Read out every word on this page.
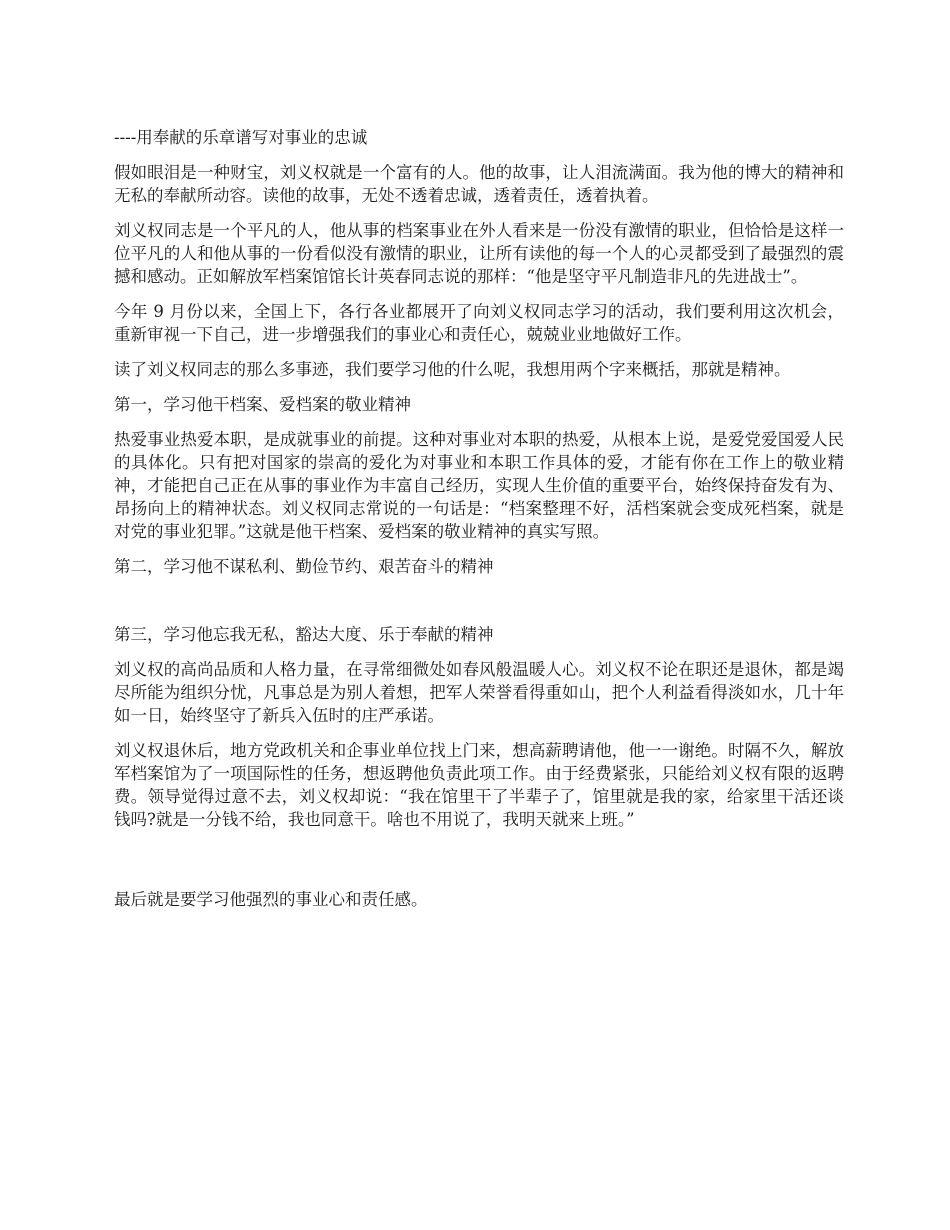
----用奉献的乐章谱写对事业的忠诚

假如眼泪是一种财宝，刘义权就是一个富有的人。他的故事，让人泪流满面。我为他的博大的精神和无私的奉献所动容。读他的故事，无处不透着忠诚，透着责任，透着执着。

刘义权同志是一个平凡的人，他从事的档案事业在外人看来是一份没有激情的职业，但恰恰是这样一位平凡的人和他从事的一份看似没有激情的职业，让所有读他的每一个人的心灵都受到了最强烈的震撼和感动。正如解放军档案馆馆长计英春同志说的那样：“他是坚守平凡制造非凡的先进战士”。

今年 9 月份以来，全国上下，各行各业都展开了向刘义权同志学习的活动，我们要利用这次机会，重新审视一下自己，进一步增强我们的事业心和责任心，兢兢业业地做好工作。

读了刘义权同志的那么多事迹，我们要学习他的什么呢，我想用两个字来概括，那就是精神。

第一，学习他干档案、爱档案的敬业精神

热爱事业热爱本职，是成就事业的前提。这种对事业对本职的热爱，从根本上说，是爱党爱国爱人民的具体化。只有把对国家的崇高的爱化为对事业和本职工作具体的爱，才能有你在工作上的敬业精神，才能把自己正在从事的事业作为丰富自己经历，实现人生价值的重要平台，始终保持奋发有为、昂扬向上的精神状态。刘义权同志常说的一句话是：“档案整理不好，活档案就会变成死档案，就是对党的事业犯罪。”这就是他干档案、爱档案的敬业精神的真实写照。

第二，学习他不谋私利、勤俭节约、艰苦奋斗的精神

第三，学习他忘我无私，豁达大度、乐于奉献的精神

刘义权的高尚品质和人格力量，在寻常细微处如春风般温暖人心。刘义权不论在职还是退休，都是竭尽所能为组织分忧，凡事总是为别人着想，把军人荣誉看得重如山，把个人利益看得淡如水，几十年如一日，始终坚守了新兵入伍时的庄严承诺。

刘义权退休后，地方党政机关和企事业单位找上门来，想高薪聘请他，他一一谢绝。时隔不久，解放军档案馆为了一项国际性的任务，想返聘他负责此项工作。由于经费紧张，只能给刘义权有限的返聘费。领导觉得过意不去，刘义权却说：“我在馆里干了半辈子了，馆里就是我的家，给家里干活还谈钱吗?就是一分钱不给，我也同意干。啥也不用说了，我明天就来上班。”

最后就是要学习他强烈的事业心和责任感。
